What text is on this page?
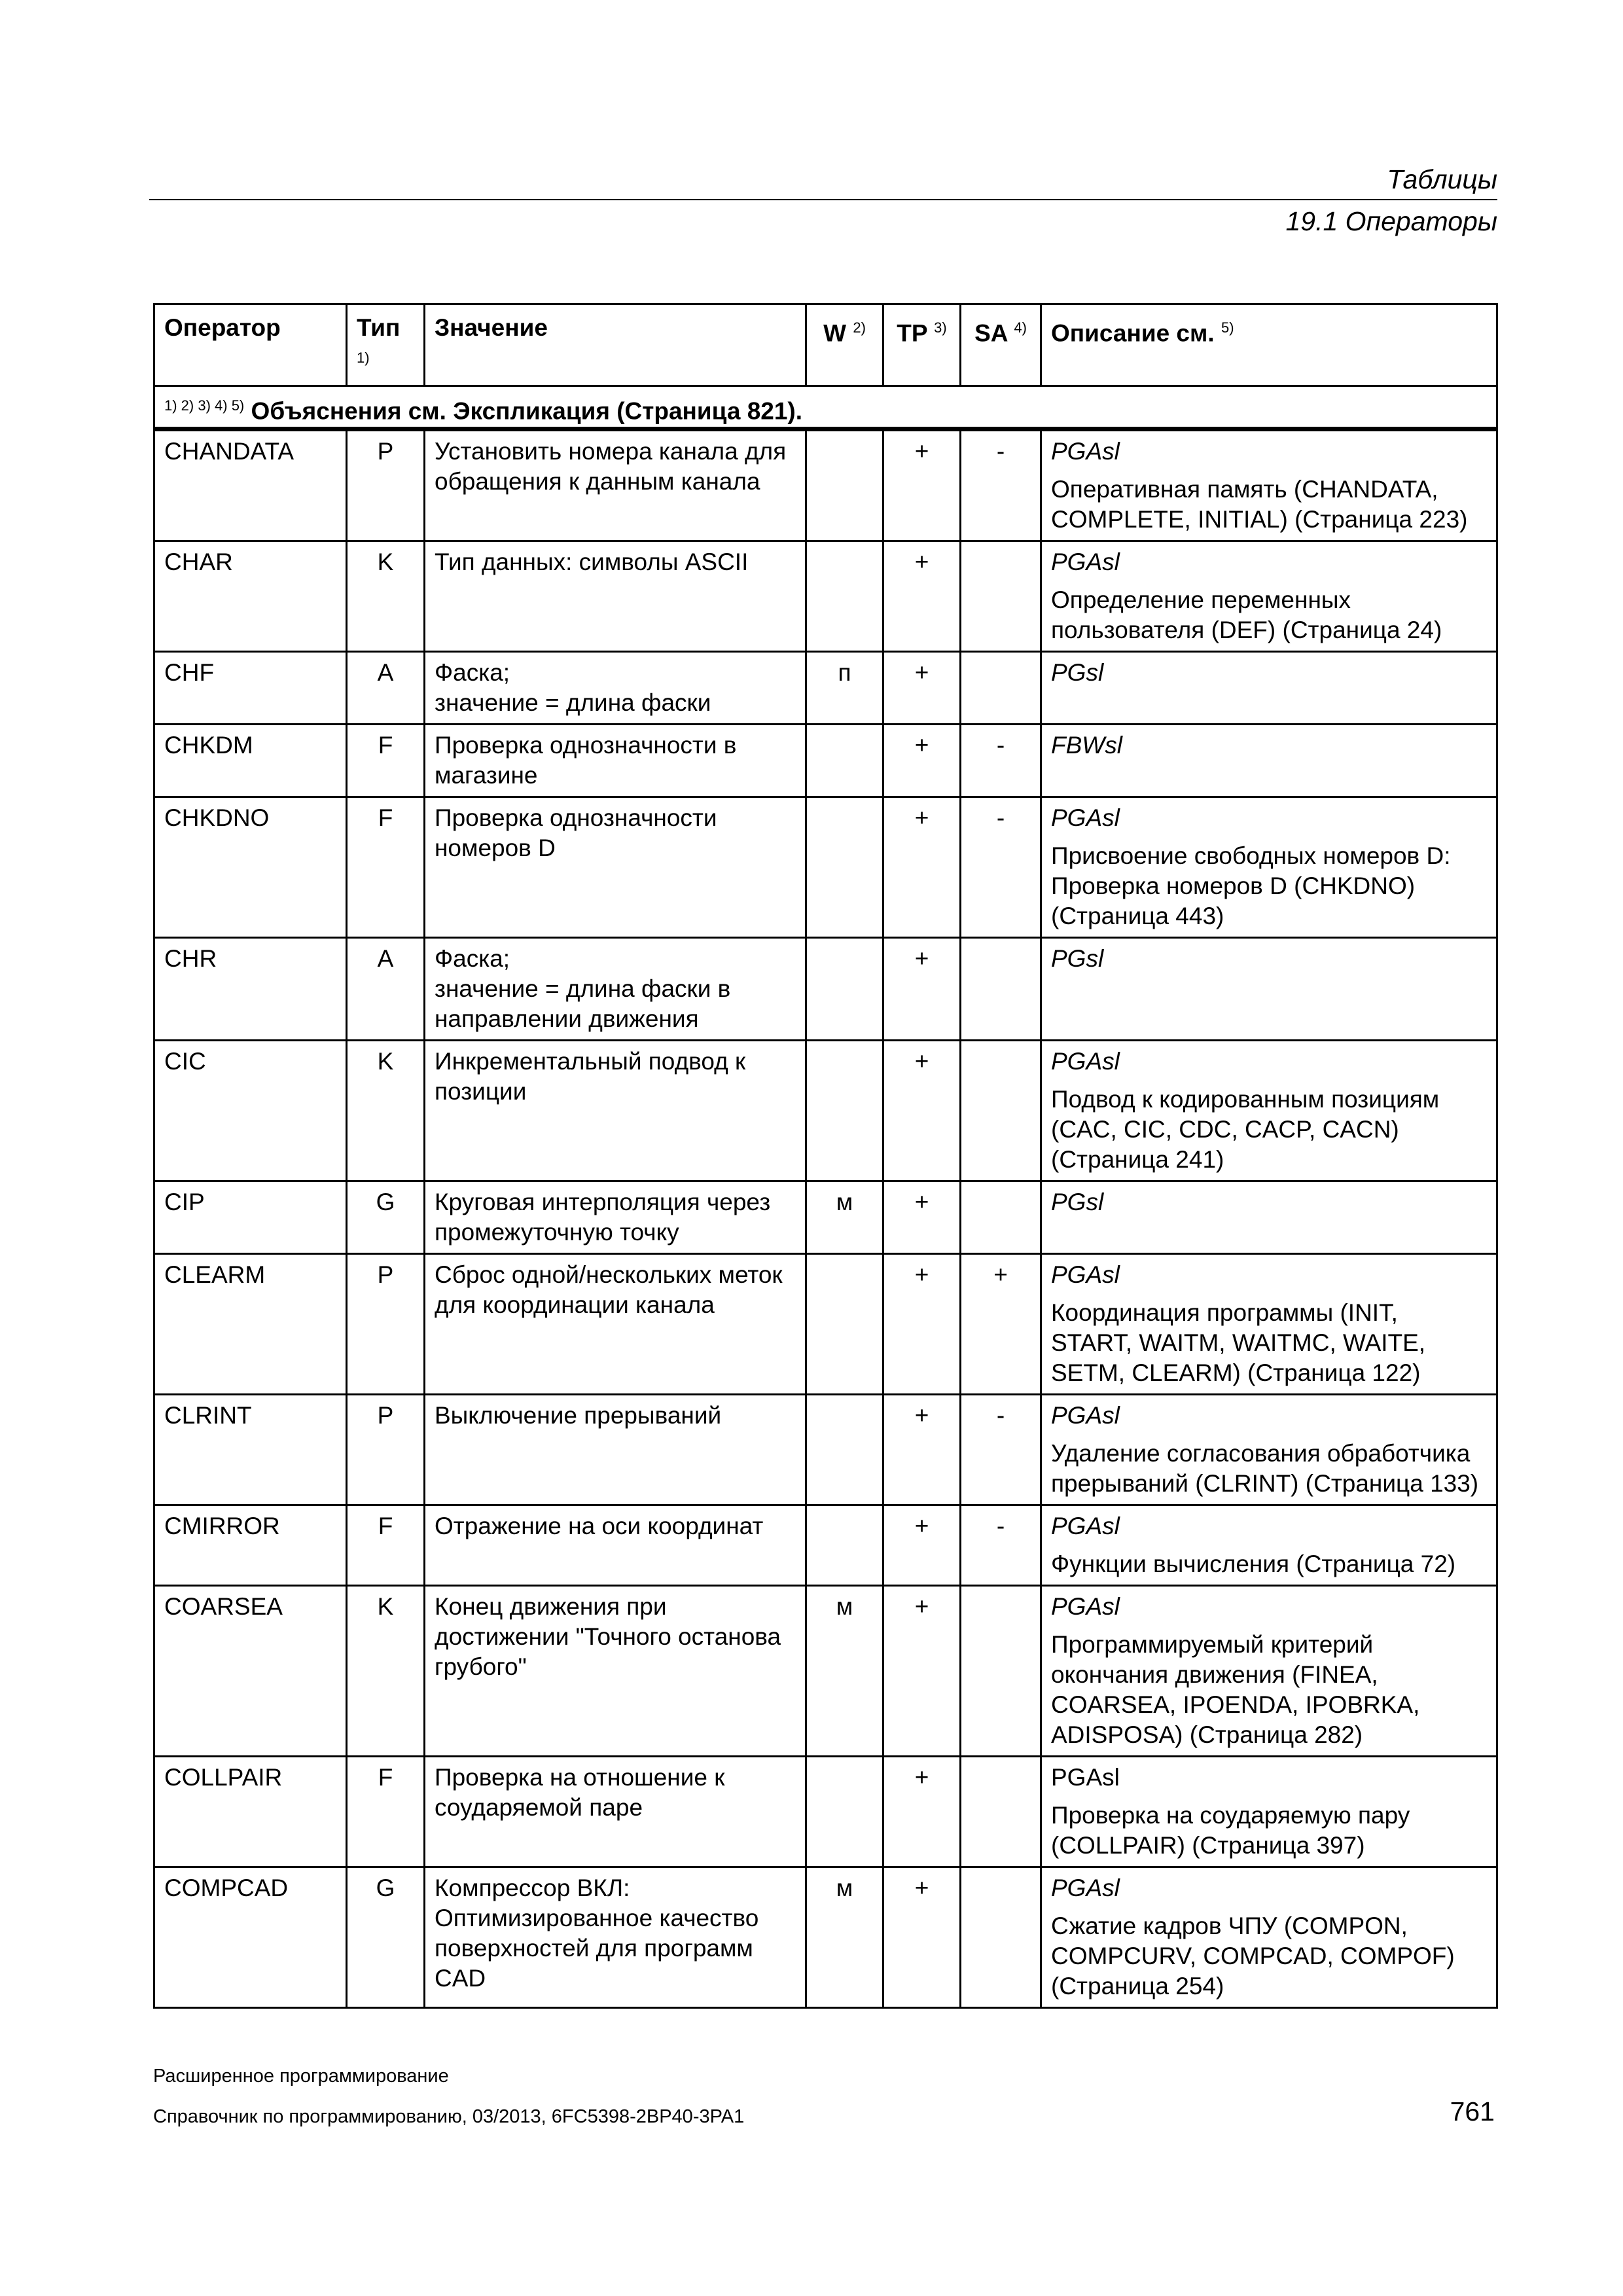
Таблицы
19.1 Операторы
Оператор	Тип $^{1)}$	Значение	W $^{2)}$	TP $^{3)}$	SA $^{4)}$	Описание см. $^{5)}$
$^{1) 2) 3) 4) 5)}$ Объяснения см. Экспликация (Страница 821).						
CHANDATA	P	Установить номера канала для
обращения к данным канала		+	-	PGAsl
Оперативная память (CHANDATA,
COMPLETE, INITIAL) (Страница 223)

CHAR	K	Тип данных: символы ASCII		+		PGAsl
Определение переменных
пользователя (DEF) (Страница 24)

CHF	A	Фаска;
значение = длина фаски	п	+		PGsl

CHKDM	F	Проверка однозначности в
магазине		+	-	FBWsl

CHKDNO	F	Проверка однозначности
номеров D		+	-	PGAsl
Присвоение свободных номеров D:
Проверка номеров D (CHKDNO)
(Страница 443)

CHR	A	Фаска;
значение = длина фаски в
направлении движения		+		PGsl

CIC	K	Инкрементальный подвод к
позиции		+		PGAsl
Подвод к кодированным позициям
(CAC, CIC, CDC, CACP, CACN)
(Страница 241)

CIP	G	Круговая интерполяция через
промежуточную точку	м	+		PGsl

CLEARM	P	Сброс одной/нескольких меток
для координации канала		+	+	PGAsl
Координация программы (INIT,
START, WAITM, WAITMC, WAITE,
SETM, CLEARM) (Страница 122)

CLRINT	P	Выключение прерываний		+	-	PGAsl
Удаление согласования обработчика
прерываний (CLRINT) (Страница 133)

CMIRROR	F	Отражение на оси координат		+	-	PGAsl
Функции вычисления (Страница 72)

COARSEA	K	Конец движения при
достижении "Точного останова
грубого"	м	+		PGAsl
Программируемый критерий
окончания движения (FINEA,
COARSEA, IPOENDA, IPOBRKA,
ADISPOSA) (Страница 282)

COLLPAIR	F	Проверка на отношение к
соударяемой паре		+		PGAsl
Проверка на соударяемую пару
(COLLPAIR) (Страница 397)

COMPCAD	G	Компрессор ВКЛ:
Оптимизированное качество
поверхностей для программ
CAD	м	+		PGAsl
Сжатие кадров ЧПУ (COMPON,
COMPCURV, COMPCAD, COMPOF)
(Страница 254)
Расширенное программирование
Справочник по программированию, 03/2013, 6FC5398-2BP40-3PA1	761
